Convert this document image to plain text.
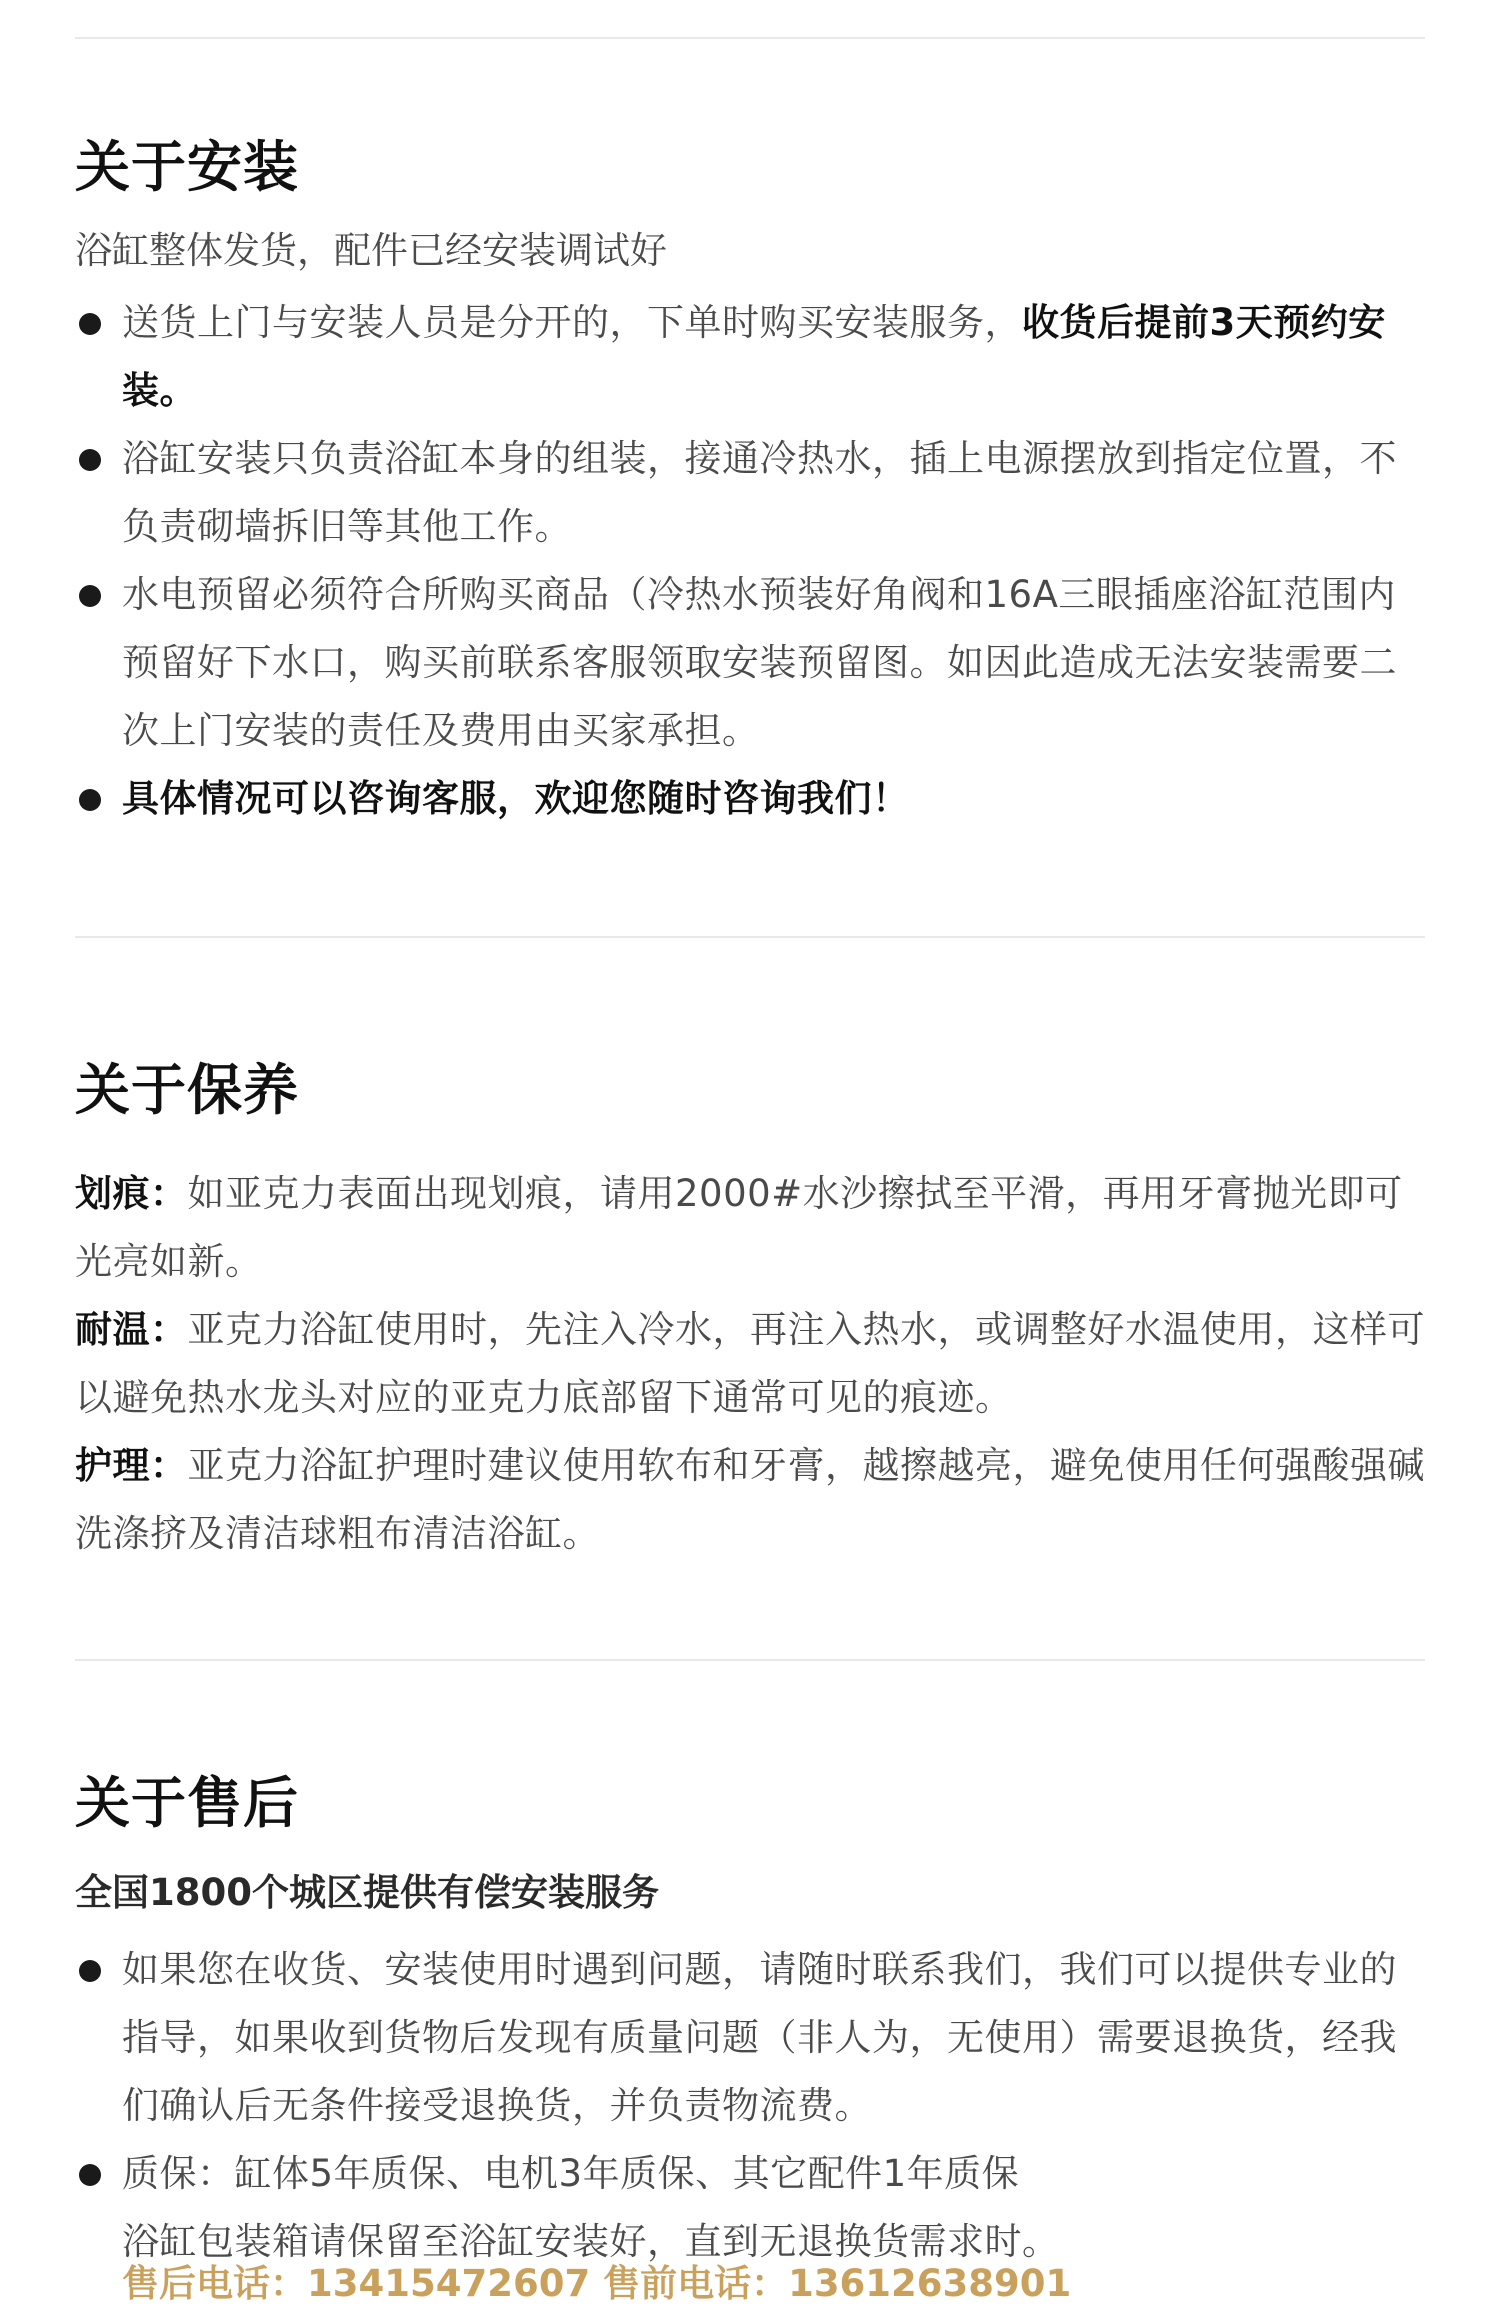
关于安装
浴缸整体发货，配件已经安装调试好
送货上门与安装人员是分开的，下单时购买安装服务，收货后提前3天预约安装。
浴缸安装只负责浴缸本身的组装，接通冷热水，插上电源摆放到指定位置，不负责砌墙拆旧等其他工作。
水电预留必须符合所购买商品（冷热水预装好角阀和16A三眼插座浴缸范围内预留好下水口，购买前联系客服领取安装预留图。如因此造成无法安装需要二次上门安装的责任及费用由买家承担。
具体情况可以咨询客服，欢迎您随时咨询我们！
关于保养

划痕：如亚克力表面出现划痕，请用2000#水沙擦拭至平滑，再用牙膏抛光即可光亮如新。

耐温：亚克力浴缸使用时，先注入冷水，再注入热水，或调整好水温使用，这样可以避免热水龙头对应的亚克力底部留下通常可见的痕迹。

护理：亚克力浴缸护理时建议使用软布和牙膏，越擦越亮，避免使用任何强酸强碱洗涤挤及清洁球粗布清洁浴缸。

关于售后
全国1800个城区提供有偿安装服务
如果您在收货、安装使用时遇到问题，请随时联系我们，我们可以提供专业的指导，如果收到货物后发现有质量问题（非人为，无使用）需要退换货，经我们确认后无条件接受退换货，并负责物流费。
质保：缸体5年质保、电机3年质保、其它配件1年质保
浴缸包装箱请保留至浴缸安装好，直到无退换货需求时。
售后电话：13415472607 售前电话：13612638901
